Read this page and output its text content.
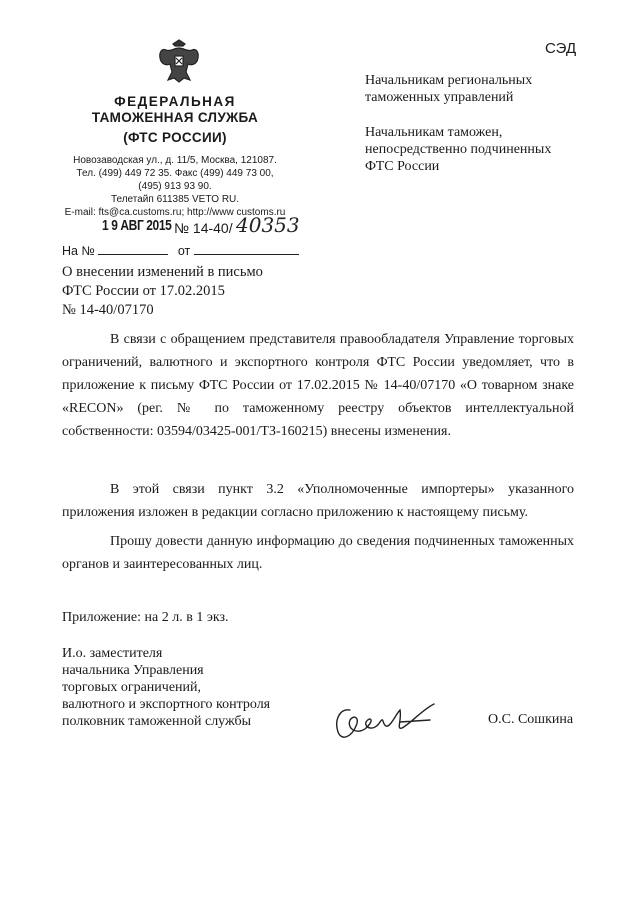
СЭД
ФЕДЕРАЛЬНАЯ
ТАМОЖЕННАЯ СЛУЖБА
(ФТС РОССИИ)
Новозаводская ул., д. 11/5, Москва, 121087.
Тел. (499) 449 72 35. Факс (499) 449 73 00,
(495) 913 93 90.
Телетайп 611385 VETO RU.
E-mail: fts@ca.customs.ru; http://www customs.ru
1 9 АВГ 2015 № 14-40/ 40353
На №	от
Начальникам региональных
таможенных управлений
Начальникам таможен,
непосредственно подчиненных
ФТС России
О внесении изменений в письмо
ФТС России от 17.02.2015
№ 14-40/07170
В связи с обращением представителя правообладателя Управление торговых ограничений, валютного и экспортного контроля ФТС России уведомляет, что в приложение к письму ФТС России от 17.02.2015 № 14-40/07170 «О товарном знаке «RECON» (рег. № по таможенному реестру объектов интеллектуальной собственности: 03594/03425-001/ТЗ-160215) внесены изменения.
В этой связи пункт 3.2 «Уполномоченные импортеры» указанного приложения изложен в редакции согласно приложению к настоящему письму.
Прошу довести данную информацию до сведения подчиненных таможенных органов и заинтересованных лиц.
Приложение: на 2 л. в 1 экз.
И.о. заместителя
начальника Управления
торговых ограничений,
валютного и экспортного контроля
полковник таможенной службы	О.С. Сошкина
